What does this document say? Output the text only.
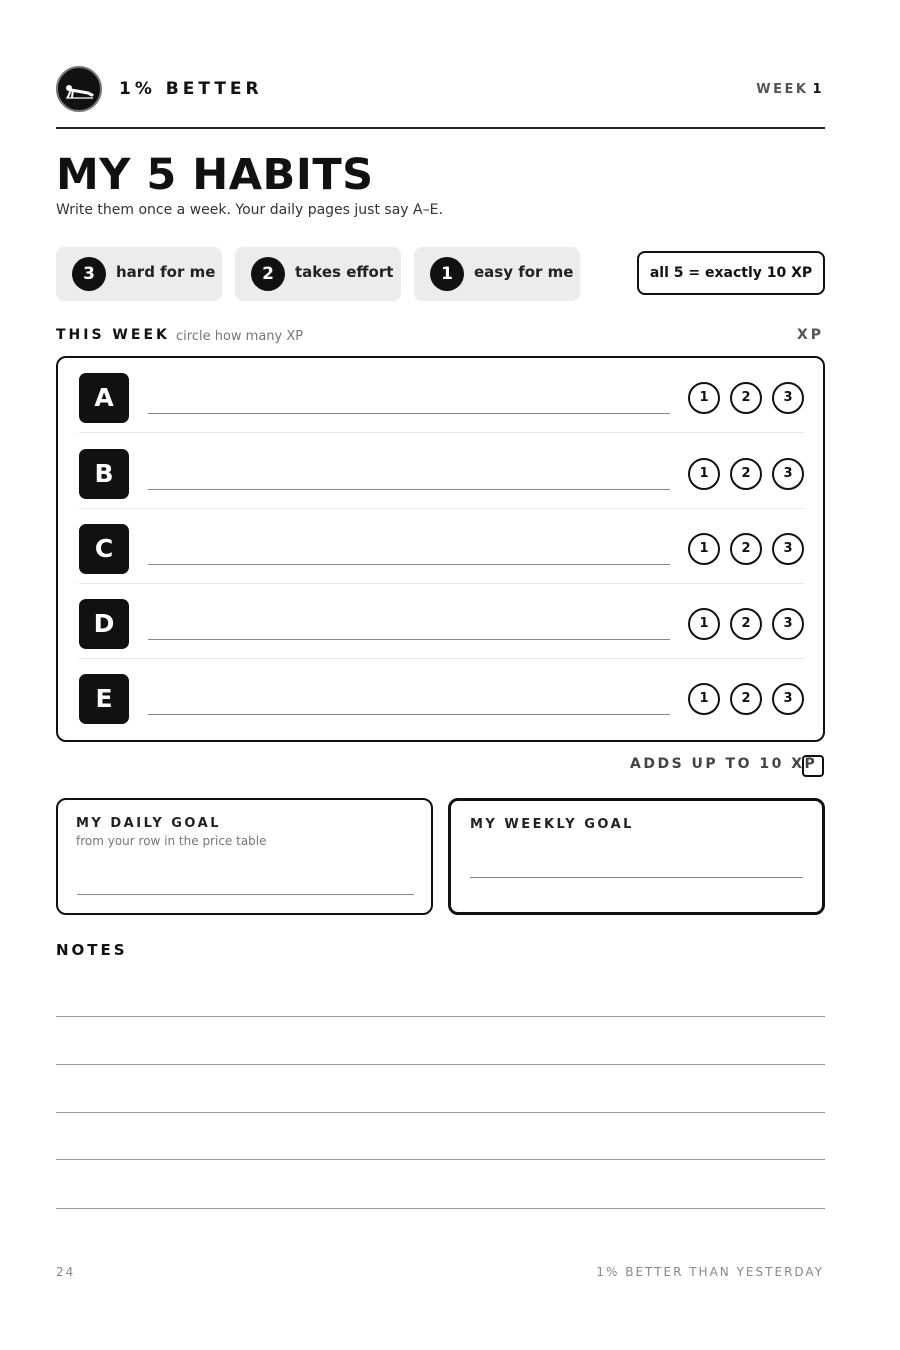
1% BETTER	WEEK 1
MY 5 HABITS
Write them once a week. Your daily pages just say A–E.
3	hard for me	2	takes effort	1	easy for me	all 5 = exactly 10 XP
THIS WEEK circle how many XP	XP
A	1	2	3
B	1	2	3
C	1	2	3
D	1	2	3
E	1	2	3
ADDS UP TO 10 XP
MY DAILY GOAL
from your row in the price table
MY WEEKLY GOAL
NOTES
24	1% BETTER THAN YESTERDAY
